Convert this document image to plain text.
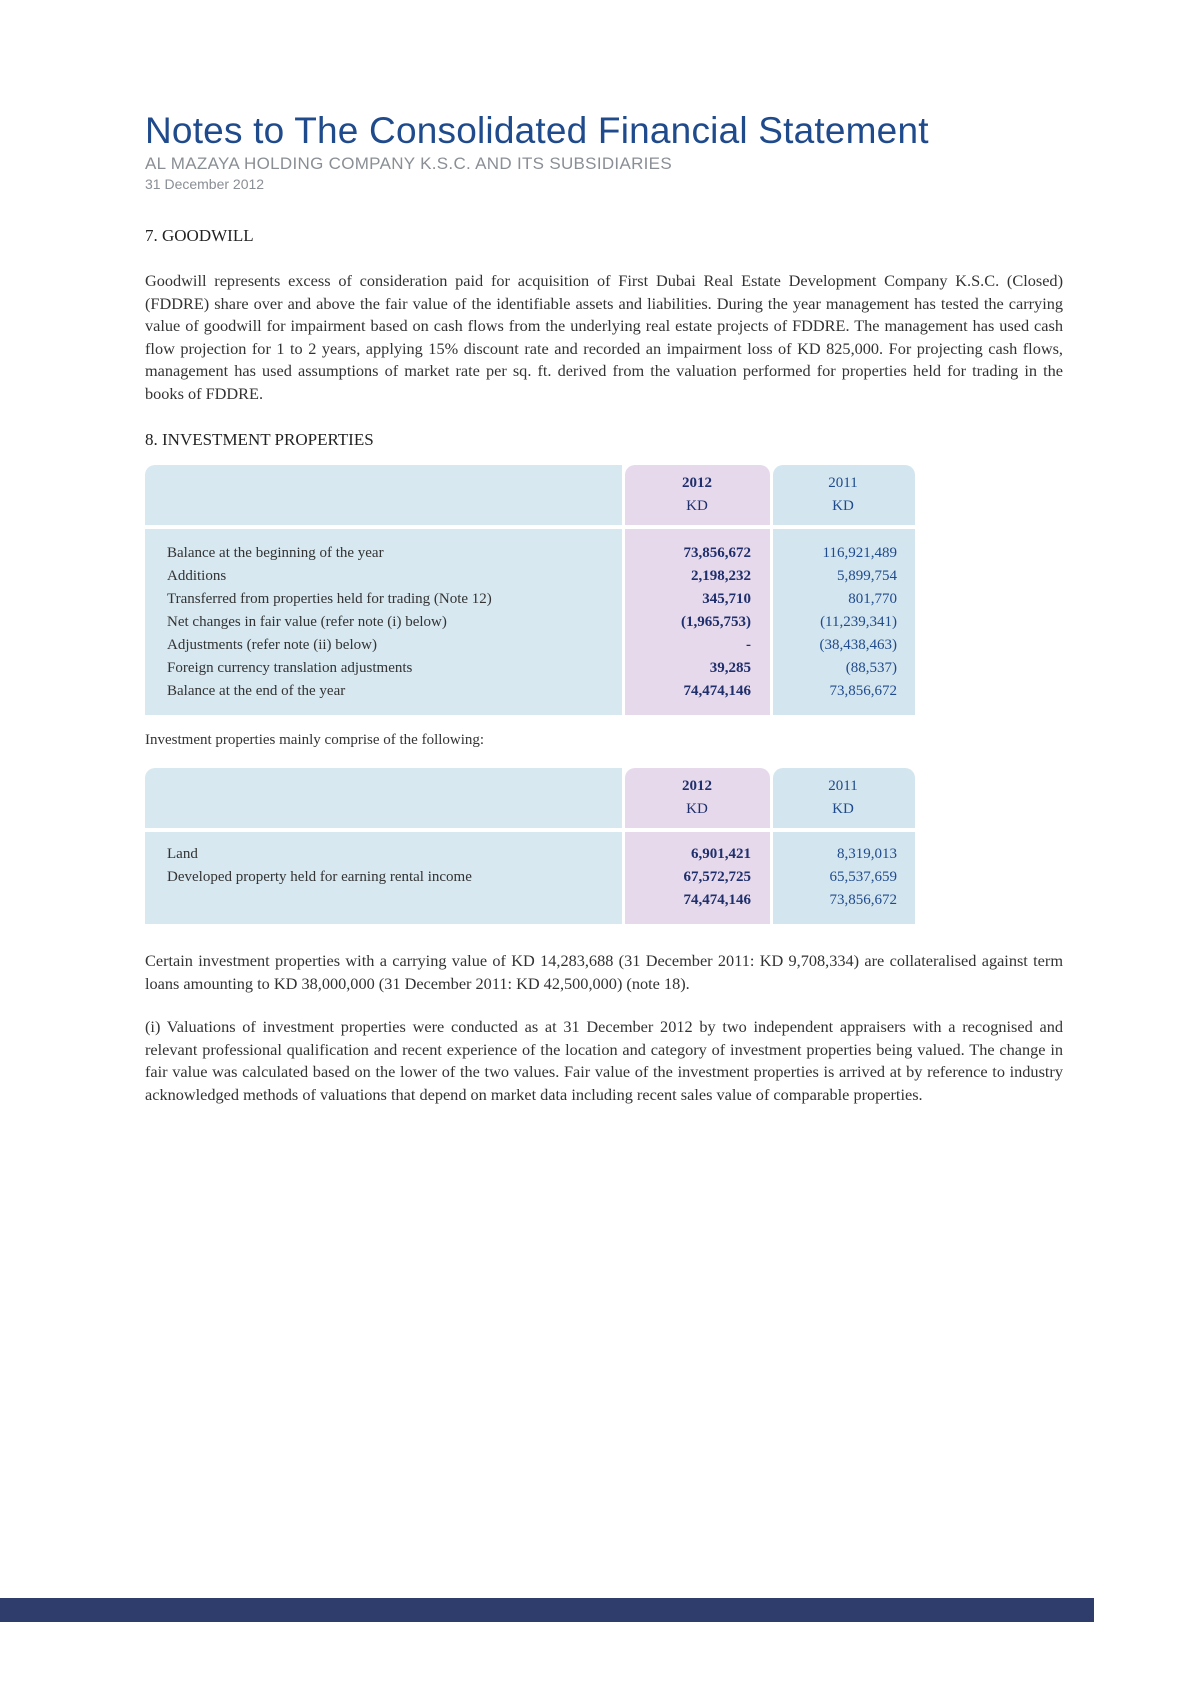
Notes to The Consolidated Financial Statement
AL MAZAYA HOLDING COMPANY K.S.C. AND ITS SUBSIDIARIES
31 December 2012
7. GOODWILL

Goodwill represents excess of consideration paid for acquisition of First Dubai Real Estate Development Company K.S.C. (Closed) (FDDRE) share over and above the fair value of the identifiable assets and liabilities. During the year management has tested the carrying value of goodwill for impairment based on cash flows from the underlying real estate projects of FDDRE. The management has used cash flow projection for 1 to 2 years, applying 15% discount rate and recorded an impairment loss of KD 825,000. For projecting cash flows, management has used assumptions of market rate per sq. ft. derived from the valuation performed for properties held for trading in the books of FDDRE.

8. INVESTMENT PROPERTIES
2012
KD
2011
KD
Balance at the beginning of the year	73,856,672	116,921,489
Additions	2,198,232	5,899,754
Transferred from properties held for trading (Note 12)	345,710	801,770
Net changes in fair value (refer note (i) below)	(1,965,753)	(11,239,341)
Adjustments (refer note (ii) below)	-	(38,438,463)
Foreign currency translation adjustments	39,285	(88,537)
Balance at the end of the year	74,474,146	73,856,672
Investment properties mainly comprise of the following:
2012
KD
2011
KD
Land	6,901,421	8,319,013
Developed property held for earning rental income	67,572,725	65,537,659
74,474,146	73,856,672

Certain investment properties with a carrying value of KD 14,283,688 (31 December 2011: KD 9,708,334) are collateralised against term loans amounting to KD 38,000,000 (31 December 2011: KD 42,500,000) (note 18).

(i) Valuations of investment properties were conducted as at 31 December 2012 by two independent appraisers with a recognised and relevant professional qualification and recent experience of the location and category of investment properties being valued. The change in fair value was calculated based on the lower of the two values. Fair value of the investment properties is arrived at by reference to industry acknowledged methods of valuations that depend on market data including recent sales value of comparable properties.
